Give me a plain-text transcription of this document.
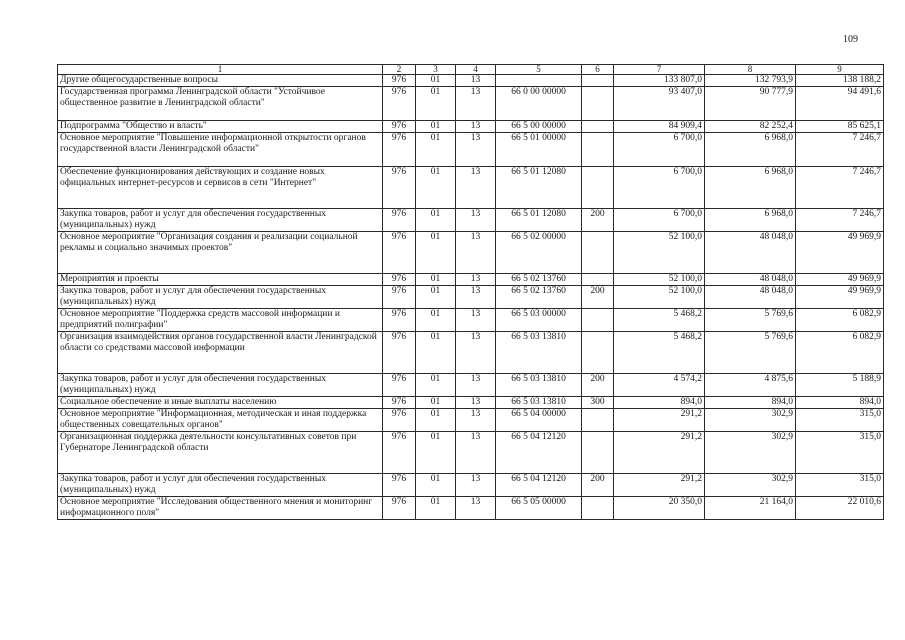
109
1	2	3	4	5	6	7	8	9
Другие общегосударственные вопросы	976	01	13			133 807,0	132 793,9	138 188,2
Государственная программа Ленинградской области "Устойчивое общественное развитие в Ленинградской области"	976	01	13	66 0 00 00000		93 407,0	90 777,9	94 491,6
Подпрограмма "Общество и власть"	976	01	13	66 5 00 00000		84 909,4	82 252,4	85 625,1
Основное мероприятие "Повышение информационной открытости органов государственной власти Ленинградской области"	976	01	13	66 5 01 00000		6 700,0	6 968,0	7 246,7
Обеспечение функционирования действующих и создание новых официальных интернет-ресурсов и сервисов в сети "Интернет"	976	01	13	66 5 01 12080		6 700,0	6 968,0	7 246,7
Закупка товаров, работ и услуг для обеспечения государственных (муниципальных) нужд	976	01	13	66 5 01 12080	200	6 700,0	6 968,0	7 246,7
Основное мероприятие "Организация создания и реализации социальной рекламы и социально значимых проектов"	976	01	13	66 5 02 00000		52 100,0	48 048,0	49 969,9
Мероприятия и проекты	976	01	13	66 5 02 13760		52 100,0	48 048,0	49 969,9
Закупка товаров, работ и услуг для обеспечения государственных (муниципальных) нужд	976	01	13	66 5 02 13760	200	52 100,0	48 048,0	49 969,9
Основное мероприятие "Поддержка средств массовой информации и предприятий полиграфии"	976	01	13	66 5 03 00000		5 468,2	5 769,6	6 082,9
Организация взаимодействия органов государственной власти Ленинградской области со средствами массовой информации	976	01	13	66 5 03 13810		5 468,2	5 769,6	6 082,9
Закупка товаров, работ и услуг для обеспечения государственных (муниципальных) нужд	976	01	13	66 5 03 13810	200	4 574,2	4 875,6	5 188,9
Социальное обеспечение и иные выплаты населению	976	01	13	66 5 03 13810	300	894,0	894,0	894,0
Основное мероприятие "Информационная, методическая и иная поддержка общественных совещательных органов"	976	01	13	66 5 04 00000		291,2	302,9	315,0
Организационная поддержка деятельности консультативных советов при Губернаторе Ленинградской области	976	01	13	66 5 04 12120		291,2	302,9	315,0
Закупка товаров, работ и услуг для обеспечения государственных (муниципальных) нужд	976	01	13	66 5 04 12120	200	291,2	302,9	315,0
Основное мероприятие "Исследования общественного мнения и мониторинг информационного поля"	976	01	13	66 5 05 00000		20 350,0	21 164,0	22 010,6
